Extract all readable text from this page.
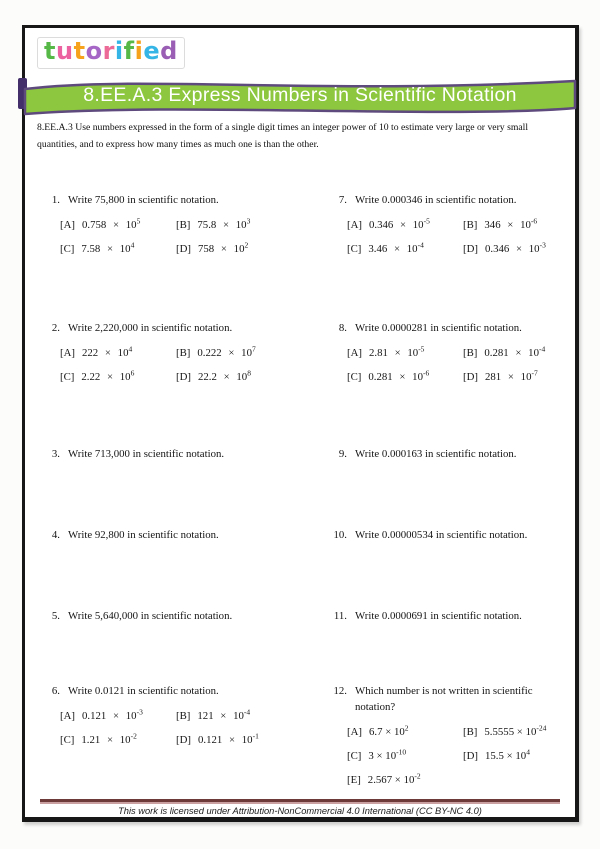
tutorified
8.EE.A.3 Express Numbers in Scientific Notation
8.EE.A.3 Use numbers expressed in the form of a single digit times an integer power of 10 to estimate very large or very small quantities, and to express how many times as much one is than the other.
1. Write 75,800 in scientific notation.
[A] $0.758 \times 10^5$	[B] $75.8 \times 10^3$
[C] $7.58 \times 10^4$	[D] $758 \times 10^2$
7. Write 0.000346 in scientific notation.
[A] $0.346 \times 10^{-5}$	[B] $346 \times 10^{-6}$
[C] $3.46 \times 10^{-4}$	[D] $0.346 \times 10^{-3}$
2. Write 2,220,000 in scientific notation.
[A] $222 \times 10^4$	[B] $0.222 \times 10^7$
[C] $2.22 \times 10^6$	[D] $22.2 \times 10^8$
8. Write 0.0000281 in scientific notation.
[A] $2.81 \times 10^{-5}$	[B] $0.281 \times 10^{-4}$
[C] $0.281 \times 10^{-6}$	[D] $281 \times 10^{-7}$
3. Write 713,000 in scientific notation.	9. Write 0.000163 in scientific notation.
4. Write 92,800 in scientific notation.	10. Write 0.00000534 in scientific notation.
5. Write 5,640,000 in scientific notation.	11. Write 0.0000691 in scientific notation.
6. Write 0.0121 in scientific notation.
[A] $0.121 \times 10^{-3}$	[B] $121 \times 10^{-4}$
[C] $1.21 \times 10^{-2}$	[D] $0.121 \times 10^{-1}$
12. Which number is not written in scientific notation?
[A] $6.7 \times 10^2$	[B] $5.5555 \times 10^{-24}$
[C] $3 \times 10^{-10}$	[D] $15.5 \times 10^4$
[E] $2.567 \times 10^{-2}$
This work is licensed under Attribution-NonCommercial 4.0 International (CC BY-NC 4.0)
